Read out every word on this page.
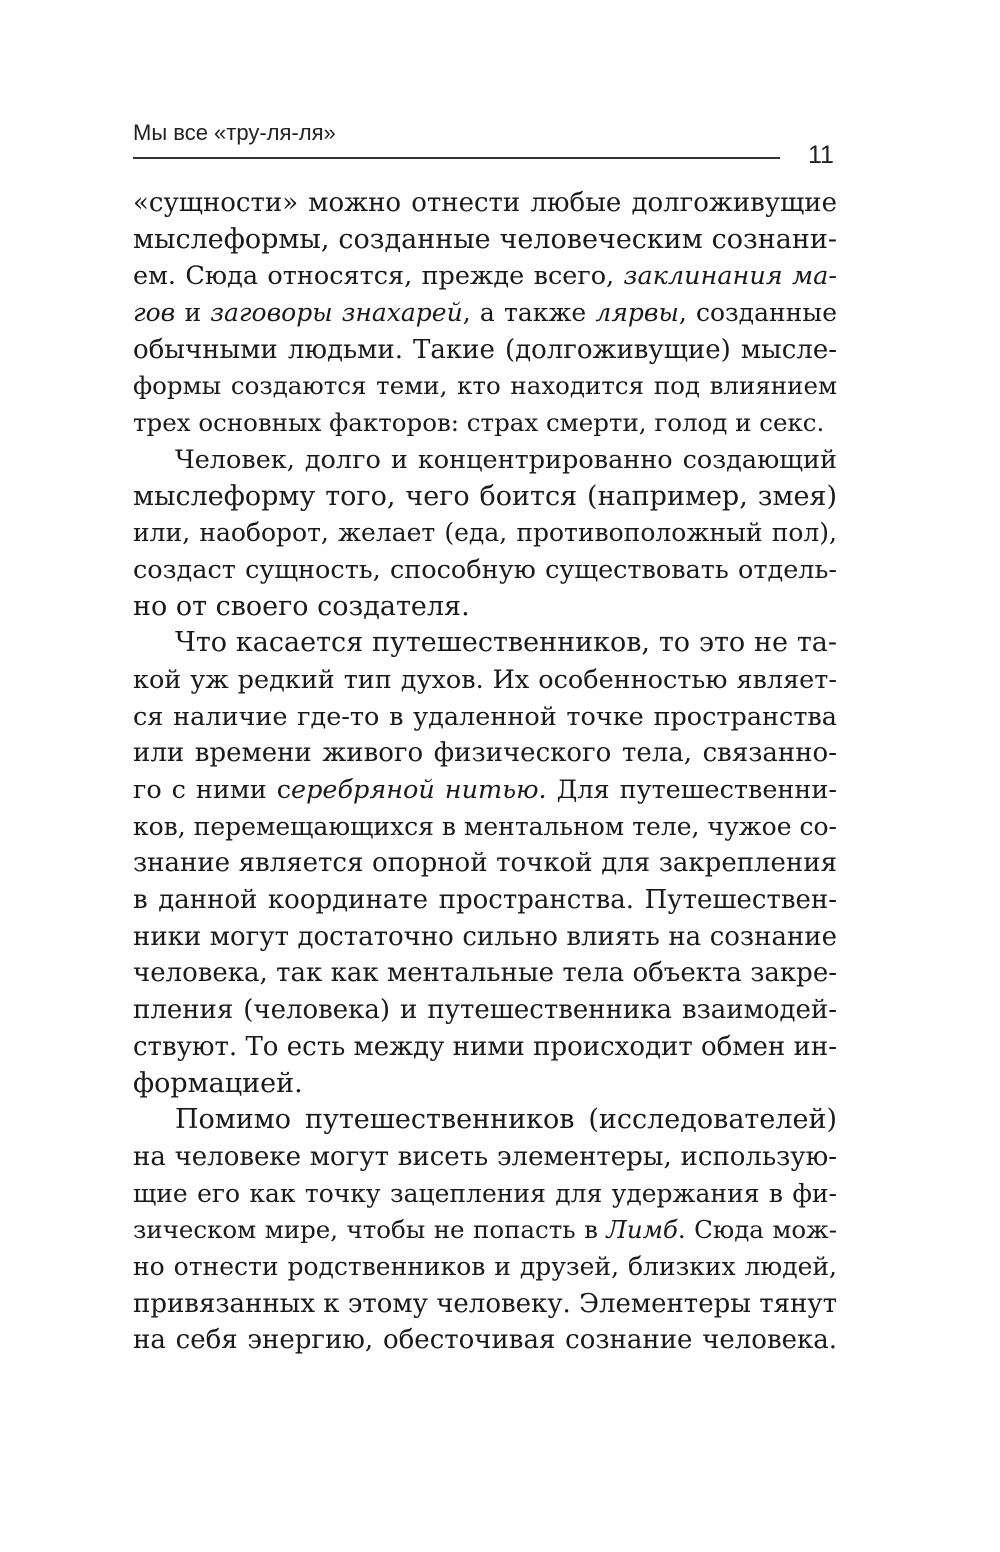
Мы все «тру-ля-ля»
11
«сущности» можно отнести любые долгоживущие
мыслеформы, созданные человеческим сознани-
ем. Сюда относятся, прежде всего, заклинания ма-
гов и заговоры знахарей, а также лярвы, созданные
обычными людьми. Такие (долгоживущие) мысле-
формы создаются теми, кто находится под влиянием
трех основных факторов: страх смерти, голод и секс.
Человек, долго и концентрированно создающий
мыслеформу того, чего боится (например, змея)
или, наоборот, желает (еда, противоположный пол),
создаст сущность, способную существовать отдель-
но от своего создателя.
Что касается путешественников, то это не та-
кой уж редкий тип духов. Их особенностью являет-
ся наличие где-то в удаленной точке пространства
или времени живого физического тела, связанно-
го с ними серебряной нитью. Для путешественни-
ков, перемещающихся в ментальном теле, чужое со-
знание является опорной точкой для закрепления
в данной координате пространства. Путешествен-
ники могут достаточно сильно влиять на сознание
человека, так как ментальные тела объекта закре-
пления (человека) и путешественника взаимодей-
ствуют. То есть между ними происходит обмен ин-
формацией.
Помимо путешественников (исследователей)
на человеке могут висеть элементеры, использую-
щие его как точку зацепления для удержания в фи-
зическом мире, чтобы не попасть в Лимб. Сюда мож-
но отнести родственников и друзей, близких людей,
привязанных к этому человеку. Элементеры тянут
на себя энергию, обесточивая сознание человека.
